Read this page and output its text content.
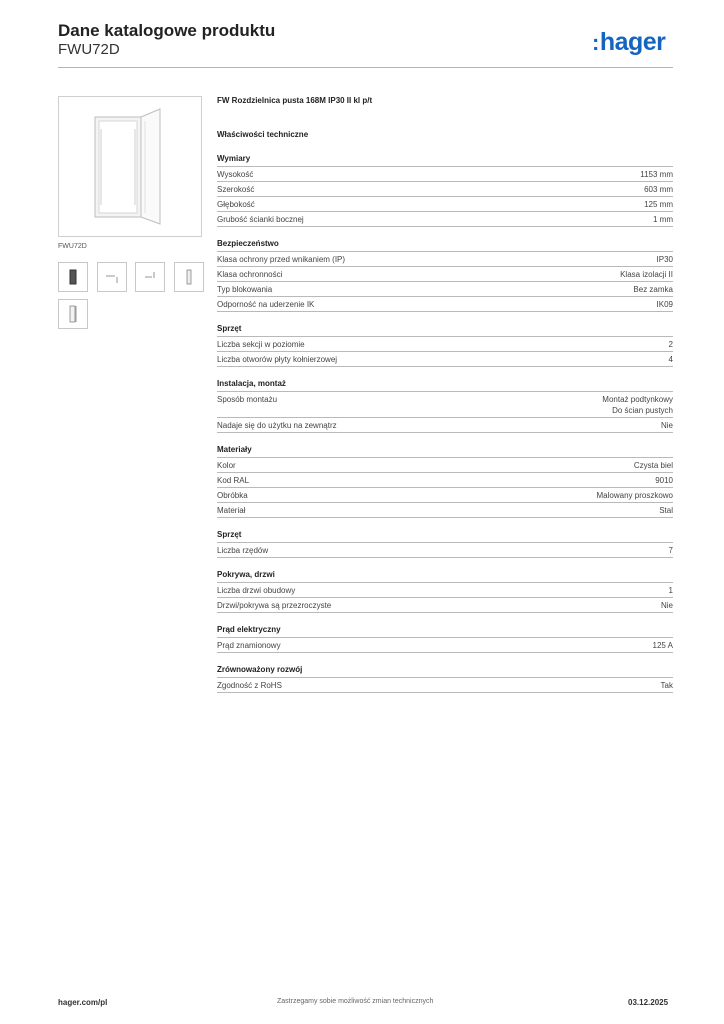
Dane katalogowe produktu
FWU72D	:hager
FWU72D
FW Rozdzielnica pusta 168M IP30 II kl p/t
Właściwości techniczne
Wymiary
Wysokość	1153 mm
Szerokość	603 mm
Głębokość	125 mm
Grubość ścianki bocznej	1 mm
Bezpieczeństwo
Klasa ochrony przed wnikaniem (IP)	IP30
Klasa ochronności	Klasa izolacji II
Typ blokowania	Bez zamka
Odporność na uderzenie IK	IK09
Sprzęt
Liczba sekcji w poziomie	2
Liczba otworów płyty kołnierzowej	4
Instalacja, montaż
Sposób montażu	Montaż podtynkowy
Do ścian pustych
Nadaje się do użytku na zewnątrz	Nie
Materiały
Kolor	Czysta biel
Kod RAL	9010
Obróbka	Malowany proszkowo
Materiał	Stal
Sprzęt
Liczba rzędów	7
Pokrywa, drzwi
Liczba drzwi obudowy	1
Drzwi/pokrywa są przezroczyste	Nie
Prąd elektryczny
Prąd znamionowy	125 A
Zrównoważony rozwój
Zgodność z RoHS	Tak
hager.com/pl	Zastrzegamy sobie możliwość zmian technicznych	03.12.2025
